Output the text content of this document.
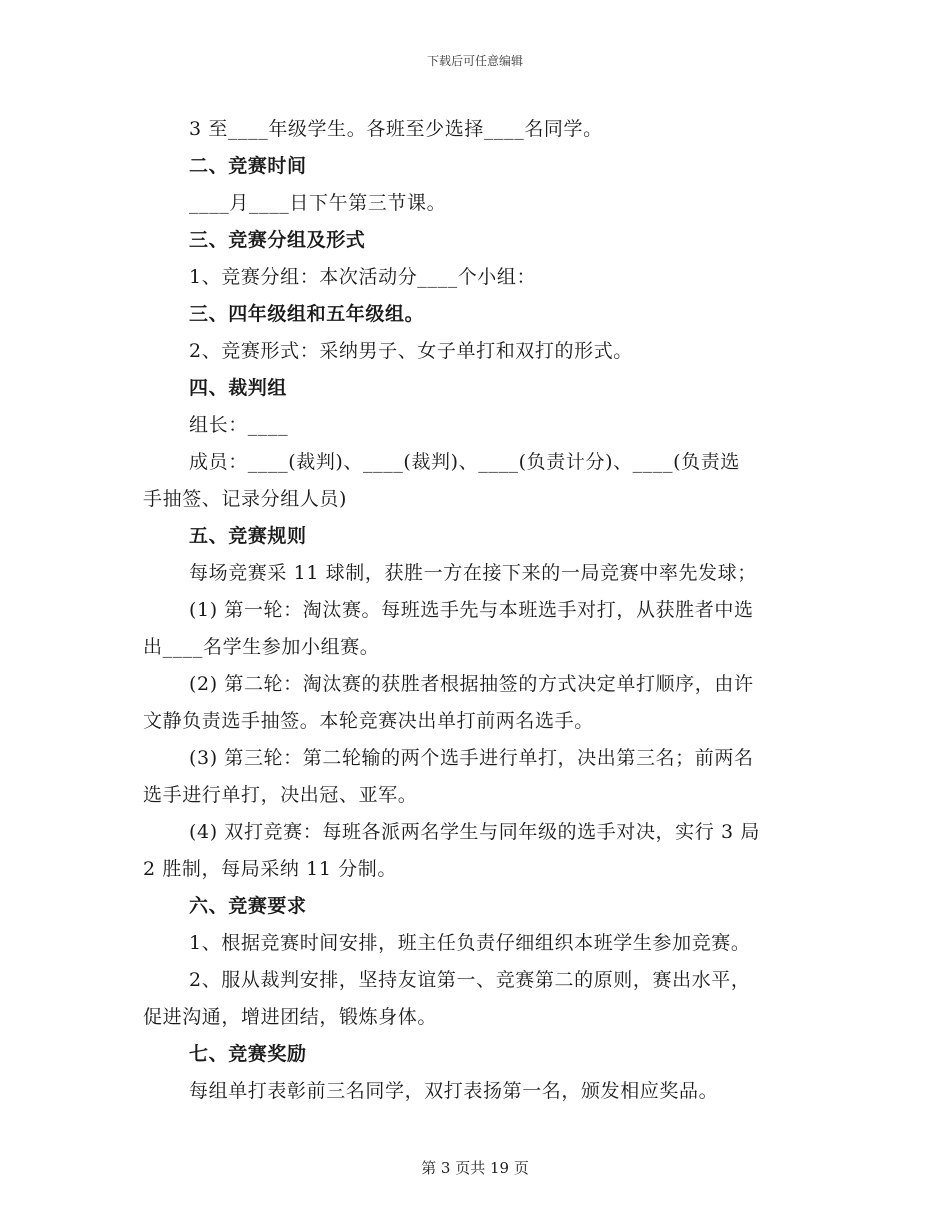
下载后可任意编辑
3 至____年级学生。各班至少选择____名同学。
二、竞赛时间
____月____日下午第三节课。
三、竞赛分组及形式
1、竞赛分组：本次活动分____个小组：
三、四年级组和五年级组。
2、竞赛形式：采纳男子、女子单打和双打的形式。
四、裁判组
组长：____
成员：____(裁判)、____(裁判)、____(负责计分)、____(负责选
手抽签、记录分组人员)
五、竞赛规则
每场竞赛采 11 球制，获胜一方在接下来的一局竞赛中率先发球；
(1) 第一轮：淘汰赛。每班选手先与本班选手对打，从获胜者中选
出____名学生参加小组赛。
(2) 第二轮：淘汰赛的获胜者根据抽签的方式决定单打顺序，由许
文静负责选手抽签。本轮竞赛决出单打前两名选手。
(3) 第三轮：第二轮输的两个选手进行单打，决出第三名；前两名
选手进行单打，决出冠、亚军。
(4) 双打竞赛：每班各派两名学生与同年级的选手对决，实行 3 局
2 胜制，每局采纳 11 分制。
六、竞赛要求
1、根据竞赛时间安排，班主任负责仔细组织本班学生参加竞赛。
2、服从裁判安排，坚持友谊第一、竞赛第二的原则，赛出水平，
促进沟通，增进团结，锻炼身体。
七、竞赛奖励
每组单打表彰前三名同学，双打表扬第一名，颁发相应奖品。
第 3 页共 19 页
